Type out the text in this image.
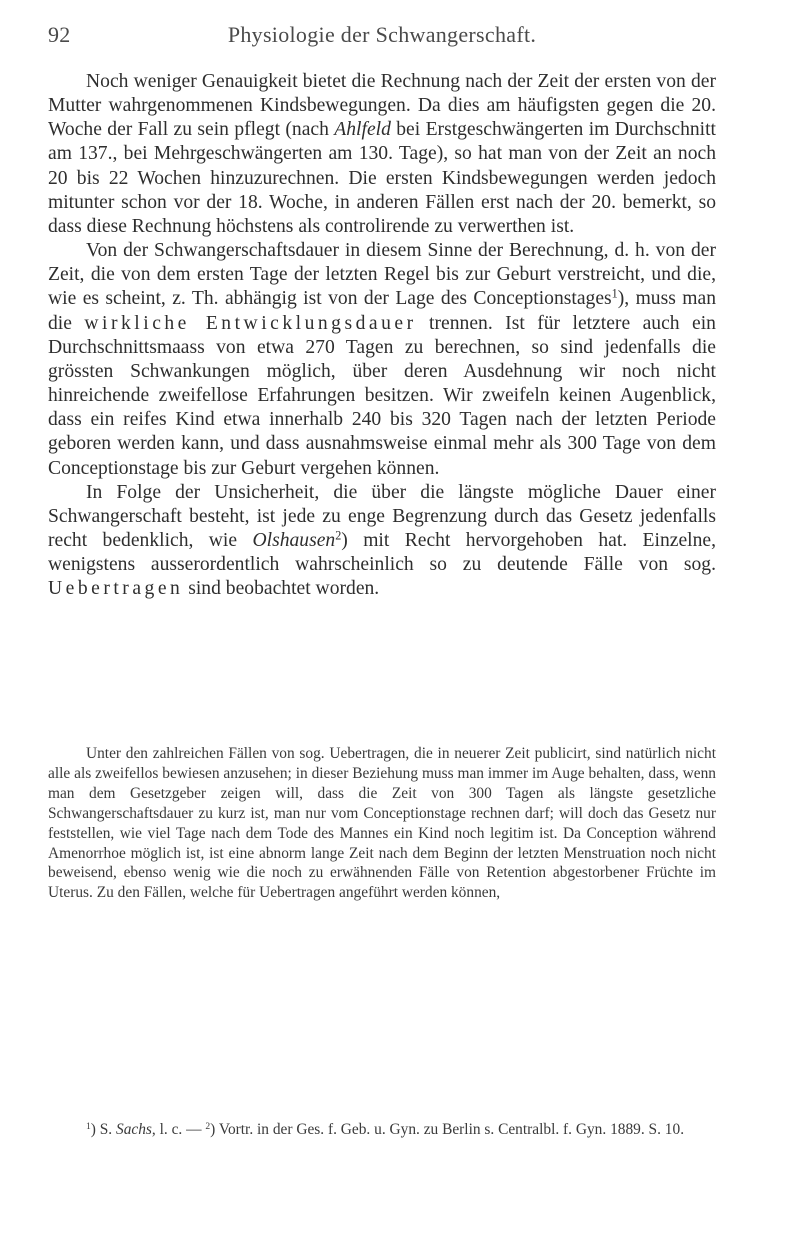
92	Physiologie der Schwangerschaft.

Noch weniger Genauigkeit bietet die Rechnung nach der Zeit der ersten von der Mutter wahrgenommenen Kindsbewegungen. Da dies am häufigsten gegen die 20. Woche der Fall zu sein pflegt (nach Ahlfeld bei Erstgeschwängerten im Durchschnitt am 137., bei Mehrgeschwängerten am 130. Tage), so hat man von der Zeit an noch 20 bis 22 Wochen hinzuzurechnen. Die ersten Kindsbewegungen werden jedoch mitunter schon vor der 18. Woche, in anderen Fällen erst nach der 20. bemerkt, so dass diese Rechnung höchstens als controlirende zu verwerthen ist.

Von der Schwangerschaftsdauer in diesem Sinne der Berechnung, d. h. von der Zeit, die von dem ersten Tage der letzten Regel bis zur Geburt verstreicht, und die, wie es scheint, z. Th. abhängig ist von der Lage des Conceptionstages$^1$), muss man die wirkliche Entwicklungsdauer trennen. Ist für letztere auch ein Durchschnittsmaass von etwa 270 Tagen zu berechnen, so sind jedenfalls die grössten Schwankungen möglich, über deren Ausdehnung wir noch nicht hinreichende zweifellose Erfahrungen besitzen. Wir zweifeln keinen Augenblick, dass ein reifes Kind etwa innerhalb 240 bis 320 Tagen nach der letzten Periode geboren werden kann, und dass ausnahmsweise einmal mehr als 300 Tage von dem Conceptionstage bis zur Geburt vergehen können.

In Folge der Unsicherheit, die über die längste mögliche Dauer einer Schwangerschaft besteht, ist jede zu enge Begrenzung durch das Gesetz jedenfalls recht bedenklich, wie Olshausen$^2$) mit Recht hervorgehoben hat. Einzelne, wenigstens ausserordentlich wahrscheinlich so zu deutende Fälle von sog. Uebertragen sind beobachtet worden.

Unter den zahlreichen Fällen von sog. Uebertragen, die in neuerer Zeit publicirt, sind natürlich nicht alle als zweifellos bewiesen anzusehen; in dieser Beziehung muss man immer im Auge behalten, dass, wenn man dem Gesetzgeber zeigen will, dass die Zeit von 300 Tagen als längste gesetzliche Schwangerschaftsdauer zu kurz ist, man nur vom Conceptionstage rechnen darf; will doch das Gesetz nur feststellen, wie viel Tage nach dem Tode des Mannes ein Kind noch legitim ist. Da Conception während Amenorrhoe möglich ist, ist eine abnorm lange Zeit nach dem Beginn der letzten Menstruation noch nicht beweisend, ebenso wenig wie die noch zu erwähnenden Fälle von Retention abgestorbener Früchte im Uterus. Zu den Fällen, welche für Uebertragen angeführt werden können,

$^1$) S. Sachs, l. c. — $^2$) Vortr. in der Ges. f. Geb. u. Gyn. zu Berlin s. Centralbl. f. Gyn. 1889. S. 10.
